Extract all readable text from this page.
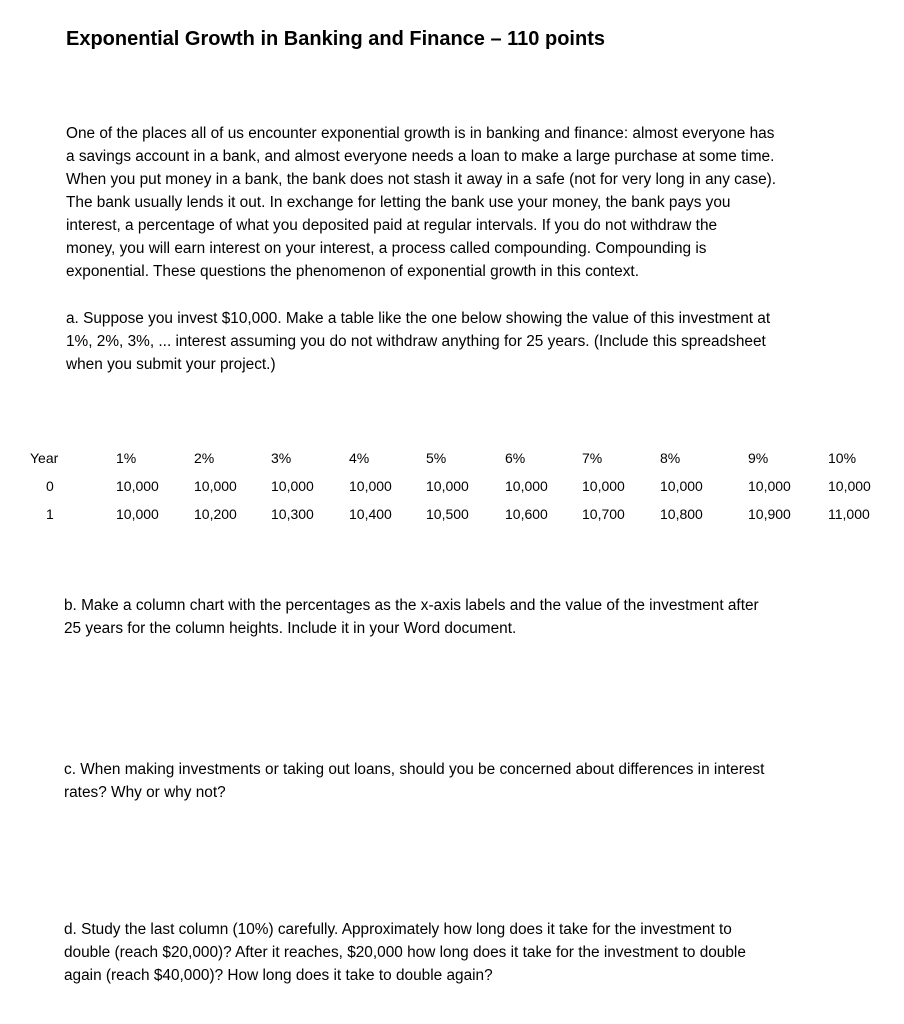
Exponential Growth in Banking and Finance – 110 points
One of the places all of us encounter exponential growth is in banking and finance: almost everyone has
a savings account in a bank, and almost everyone needs a loan to make a large purchase at some time.
When you put money in a bank, the bank does not stash it away in a safe (not for very long in any case).
The bank usually lends it out. In exchange for letting the bank use your money, the bank pays you
interest, a percentage of what you deposited paid at regular intervals. If you do not withdraw the
money, you will earn interest on your interest, a process called compounding. Compounding is
exponential. These questions the phenomenon of exponential growth in this context.
a. Suppose you invest $10,000. Make a table like the one below showing the value of this investment at
1%, 2%, 3%, ... interest assuming you do not withdraw anything for 25 years. (Include this spreadsheet
when you submit your project.)
Year	1%	2%	3%	4%	5%	6%	7%	8%	9%	10%
0	10,000	10,000	10,000	10,000	10,000	10,000	10,000	10,000	10,000	10,000
1	10,000	10,200	10,300	10,400	10,500	10,600	10,700	10,800	10,900	11,000
b. Make a column chart with the percentages as the x-axis labels and the value of the investment after
25 years for the column heights. Include it in your Word document.
c. When making investments or taking out loans, should you be concerned about differences in interest
rates? Why or why not?
d. Study the last column (10%) carefully. Approximately how long does it take for the investment to
double (reach $20,000)? After it reaches, $20,000 how long does it take for the investment to double
again (reach $40,000)? How long does it take to double again?
